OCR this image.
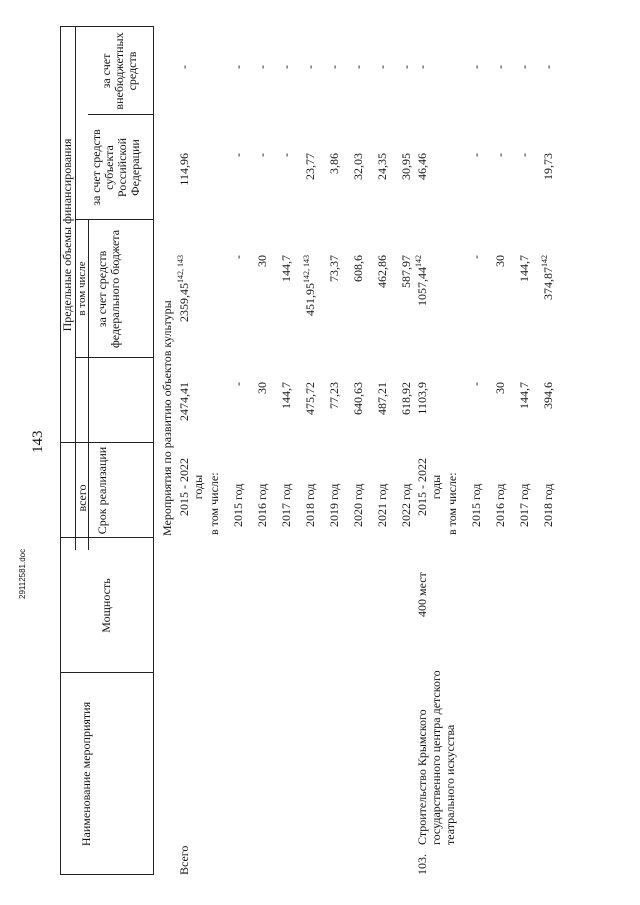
143
Наименование мероприятия
Мощность
Срок реализации
Предельные объемы финансирования
всего
в том числе за счет средств федерального бюджета
за счет средств субъекта Российской Федерации
за счет внебюджетных средств
Мероприятия по развитию объектов культуры
Всего	103.
Строительство Крымского государственного центра детского театрального искусства
400 мест
2015 - 2022 годы
2474,41
2359,45$^{142, 143}$
114,96
-
в том числе: 2015 год
-
-
-
-
2016 год
30
30
-
-
2017 год
144,7
144,7
-
-
2018 год
475,72
451,95$^{142, 143}$
23,77
-
2019 год
77,23
73,37
3,86
-
2020 год
640,63
608,6
32,03
-
2021 год
487,21
462,86
24,35
-
2022 год
618,92
587,97
30,95
-
2015 - 2022 годы
1103,9
1057,44$^{142}$
46,46
-
в том числе: 2015 год
-
-
-
-
2016 год
30
30
-
-
2017 год
144,7
144,7
-
-
2018 год
394,6
374,87$^{142}$
19,73
-
29112581.doc
